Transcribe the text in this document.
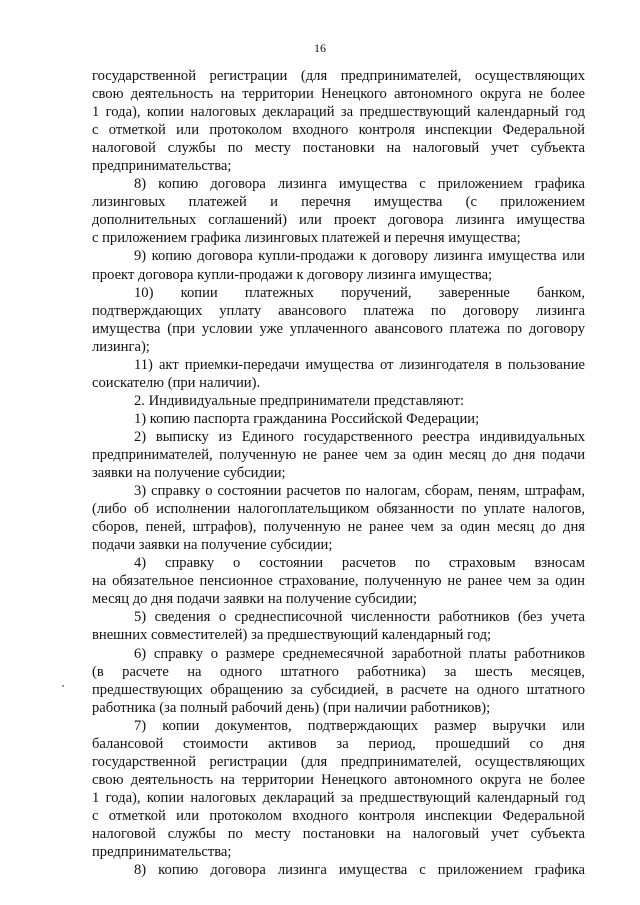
16
государственной регистрации (для предпринимателей, осуществляющих
свою деятельность на территории Ненецкого автономного округа не более
1 года), копии налоговых деклараций за предшествующий календарный год
с отметкой или протоколом входного контроля инспекции Федеральной
налоговой службы по месту постановки на налоговый учет субъекта
предпринимательства;
8) копию договора лизинга имущества с приложением графика
лизинговых платежей и перечня имущества (с приложением
дополнительных соглашений) или проект договора лизинга имущества
с приложением графика лизинговых платежей и перечня имущества;
9) копию договора купли-продажи к договору лизинга имущества или
проект договора купли-продажи к договору лизинга имущества;
10) копии платежных поручений, заверенные банком,
подтверждающих уплату авансового платежа по договору лизинга
имущества (при условии уже уплаченного авансового платежа по договору
лизинга);
11) акт приемки-передачи имущества от лизингодателя в пользование
соискателю (при наличии).
2. Индивидуальные предприниматели представляют:
1) копию паспорта гражданина Российской Федерации;
2) выписку из Единого государственного реестра индивидуальных
предпринимателей, полученную не ранее чем за один месяц до дня подачи
заявки на получение субсидии;
3) справку о состоянии расчетов по налогам, сборам, пеням, штрафам,
(либо об исполнении налогоплательщиком обязанности по уплате налогов,
сборов, пеней, штрафов), полученную не ранее чем за один месяц до дня
подачи заявки на получение субсидии;
4) справку о состоянии расчетов по страховым взносам
на обязательное пенсионное страхование, полученную не ранее чем за один
месяц до дня подачи заявки на получение субсидии;
5) сведения о среднесписочной численности работников (без учета
внешних совместителей) за предшествующий календарный год;
6) справку о размере среднемесячной заработной платы работников
(в расчете на одного штатного работника) за шесть месяцев,
предшествующих обращению за субсидией, в расчете на одного штатного
работника (за полный рабочий день) (при наличии работников);
7) копии документов, подтверждающих размер выручки или
балансовой стоимости активов за период, прошедший со дня
государственной регистрации (для предпринимателей, осуществляющих
свою деятельность на территории Ненецкого автономного округа не более
1 года), копии налоговых деклараций за предшествующий календарный год
с отметкой или протоколом входного контроля инспекции Федеральной
налоговой службы по месту постановки на налоговый учет субъекта
предпринимательства;
8) копию договора лизинга имущества с приложением графика
